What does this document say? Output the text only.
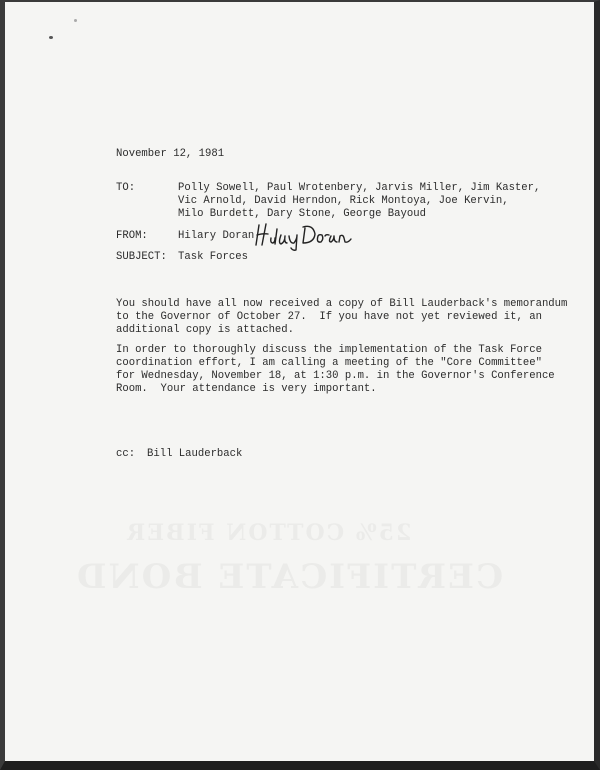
25% COTTON FIBER
CERTIFICATE BOND
November 12, 1981
TO:	Polly Sowell, Paul Wrotenbery, Jarvis Miller, Jim Kaster,
Vic Arnold, David Herndon, Rick Montoya, Joe Kervin,
Milo Burdett, Dary Stone, George Bayoud
FROM:	Hilary Doran
SUBJECT: Task Forces
You should have all now received a copy of Bill Lauderback's memorandum
to the Governor of October 27.  If you have not yet reviewed it, an
additional copy is attached.
In order to thoroughly discuss the implementation of the Task Force
coordination effort, I am calling a meeting of the "Core Committee"
for Wednesday, November 18, at 1:30 p.m. in the Governor's Conference
Room.  Your attendance is very important.
cc: Bill Lauderback
